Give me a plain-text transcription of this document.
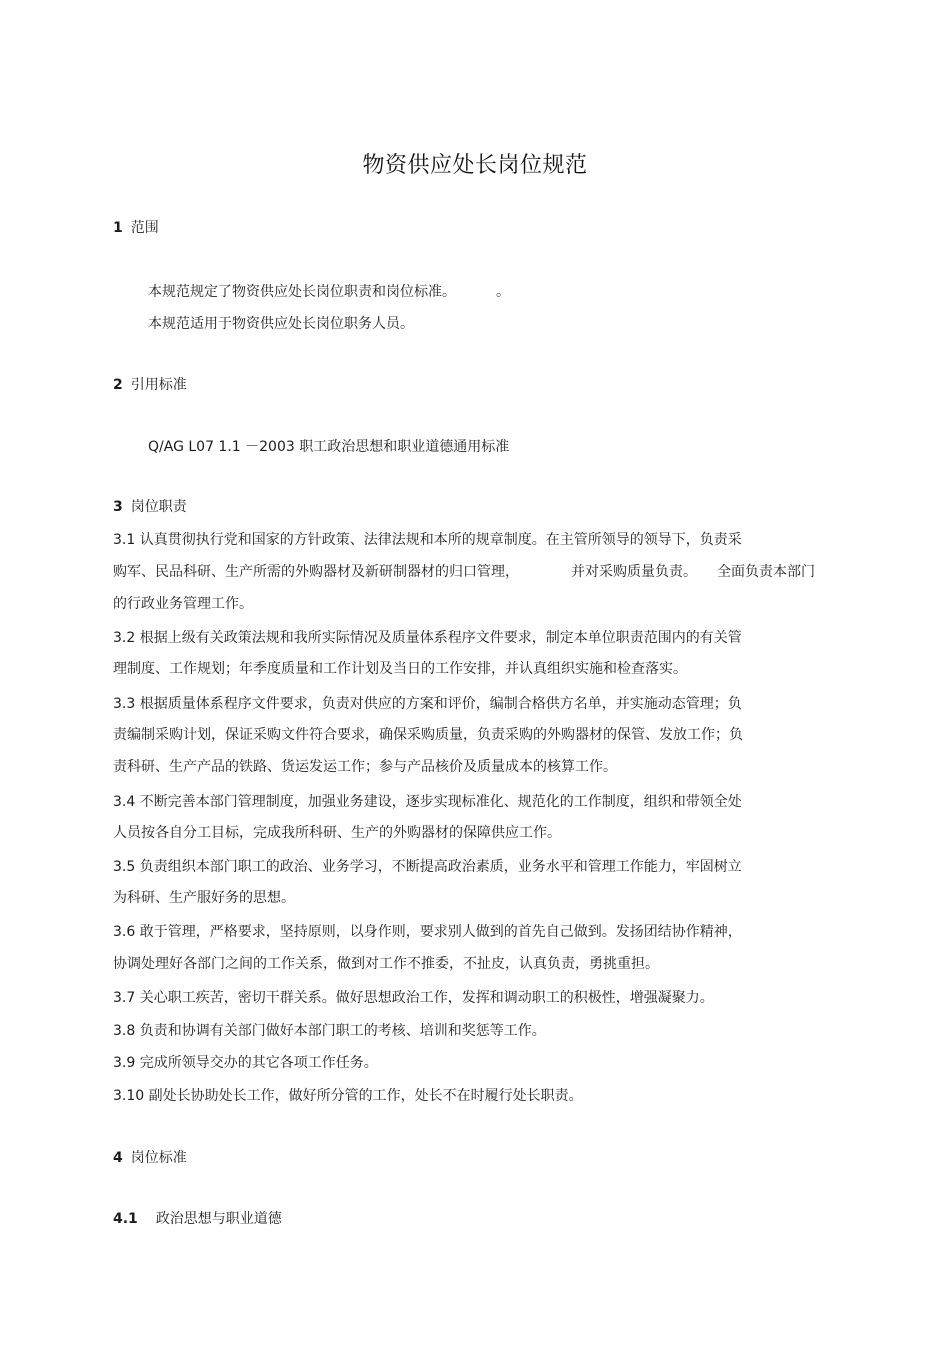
物资供应处长岗位规范
1 范围
本规范规定了物资供应处长岗位职责和岗位标准。	。
本规范适用于物资供应处长岗位职务人员。
2 引用标准
Q/AG L07 1.1 －2003 职工政治思想和职业道德通用标准
3 岗位职责
3.1 认真贯彻执行党和国家的方针政策、法律法规和本所的规章制度。在主管所领导的领导下，负责采
购军、民品科研、生产所需的外购器材及新研制器材的归口管理，	并对采购质量负责。 全面负责本部门
的行政业务管理工作。
3.2 根据上级有关政策法规和我所实际情况及质量体系程序文件要求，制定本单位职责范围内的有关管
理制度、工作规划；年季度质量和工作计划及当日的工作安排，并认真组织实施和检查落实。
3.3 根据质量体系程序文件要求，负责对供应的方案和评价，编制合格供方名单，并实施动态管理；负
责编制采购计划，保证采购文件符合要求，确保采购质量，负责采购的外购器材的保管、发放工作；负
责科研、生产产品的铁路、货运发运工作；参与产品核价及质量成本的核算工作。
3.4 不断完善本部门管理制度，加强业务建设，逐步实现标准化、规范化的工作制度，组织和带领全处
人员按各自分工目标，完成我所科研、生产的外购器材的保障供应工作。
3.5 负责组织本部门职工的政治、业务学习，不断提高政治素质，业务水平和管理工作能力，牢固树立
为科研、生产服好务的思想。
3.6 敢于管理，严格要求，坚持原则，以身作则，要求别人做到的首先自己做到。发扬团结协作精神，
协调处理好各部门之间的工作关系，做到对工作不推委，不扯皮，认真负责，勇挑重担。
3.7 关心职工疾苦，密切干群关系。做好思想政治工作，发挥和调动职工的积极性，增强凝聚力。
3.8 负责和协调有关部门做好本部门职工的考核、培训和奖惩等工作。
3.9 完成所领导交办的其它各项工作任务。
3.10 副处长协助处长工作，做好所分管的工作，处长不在时履行处长职责。
4 岗位标准
4.1 政治思想与职业道德
